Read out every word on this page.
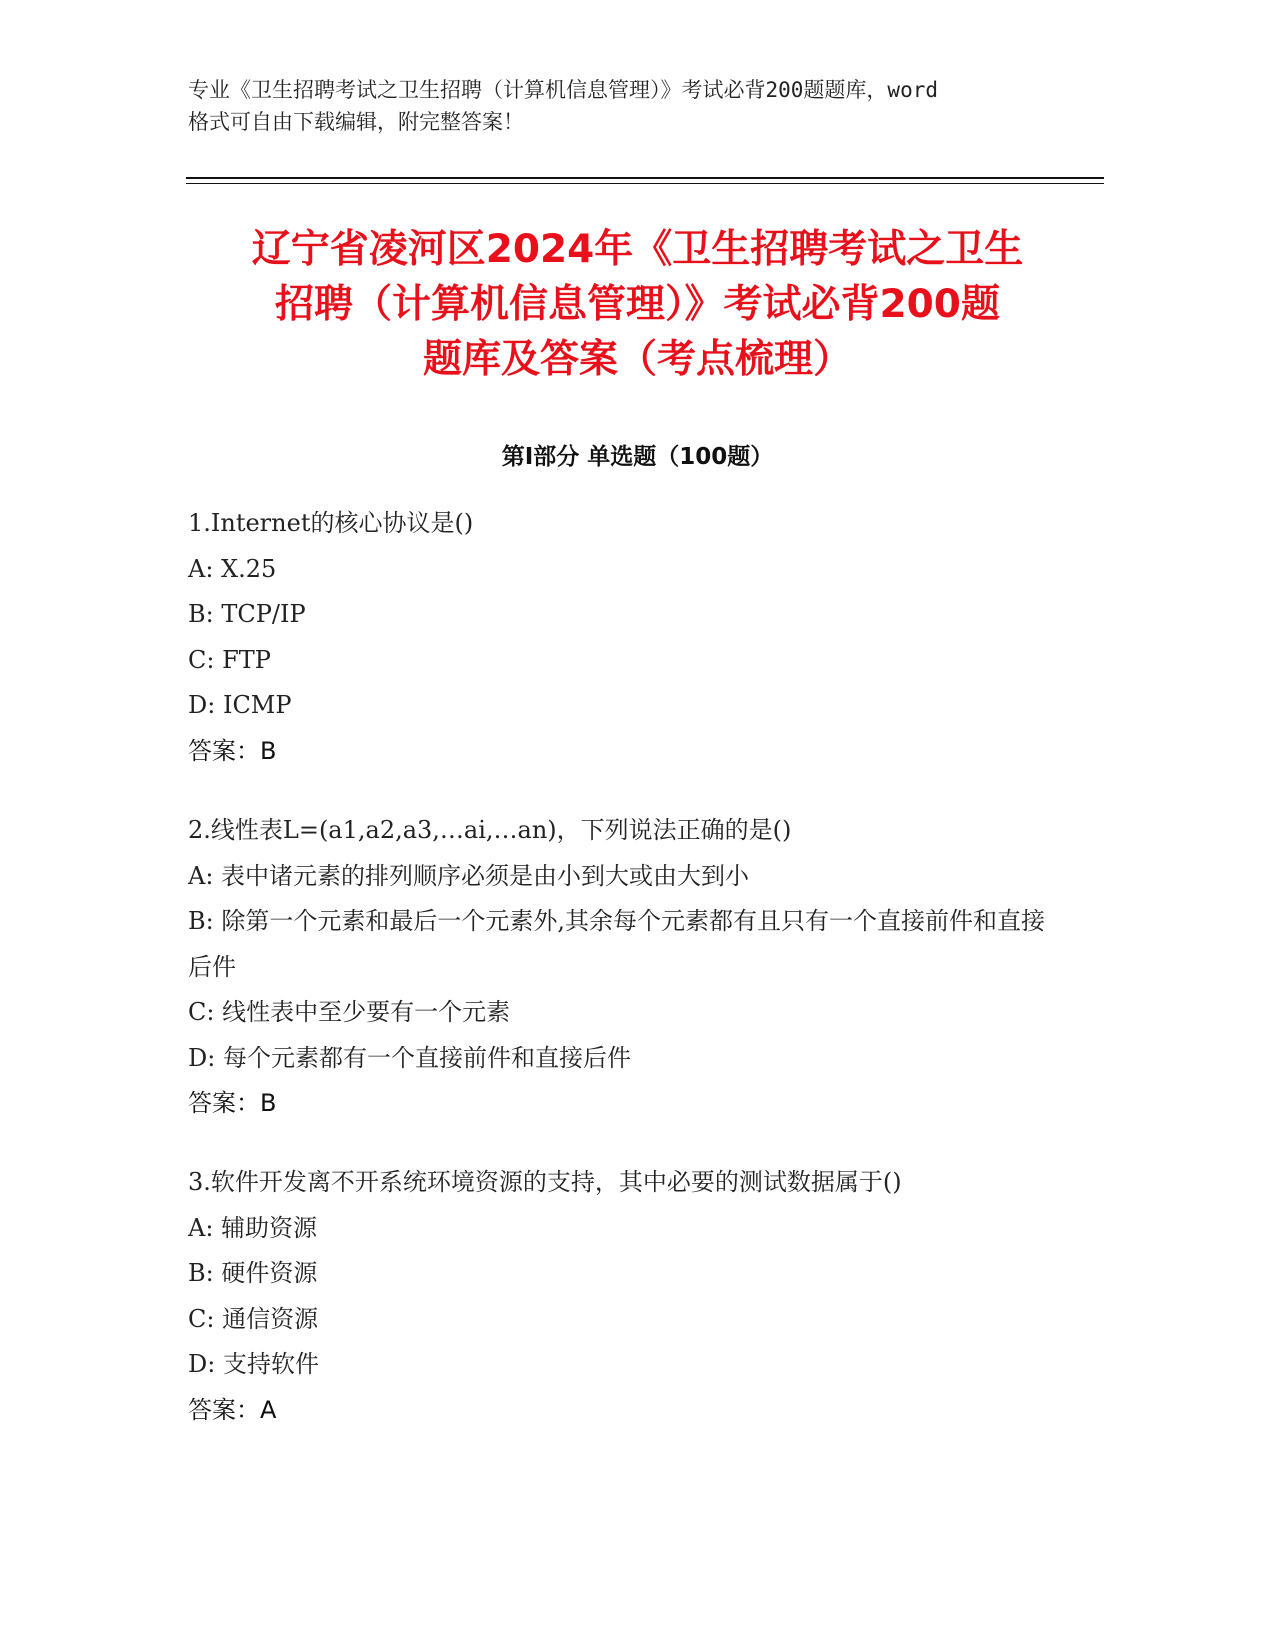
专业《卫生招聘考试之卫生招聘（计算机信息管理）》考试必背200题题库，word
格式可自由下载编辑，附完整答案！
辽宁省凌河区2024年《卫生招聘考试之卫生
招聘（计算机信息管理）》考试必背200题
题库及答案（考点梳理）
第Ⅰ部分 单选题（100题）
1.Internet的核心协议是()
A: X.25
B: TCP/IP
C: FTP
D: ICMP
答案：B
2.线性表L=(a1,a2,a3,…ai,…an)，下列说法正确的是()
A: 表中诸元素的排列顺序必须是由小到大或由大到小
B: 除第一个元素和最后一个元素外,其余每个元素都有且只有一个直接前件和直接后件
C: 线性表中至少要有一个元素
D: 每个元素都有一个直接前件和直接后件
答案：B
3.软件开发离不开系统环境资源的支持，其中必要的测试数据属于()
A: 辅助资源
B: 硬件资源
C: 通信资源
D: 支持软件
答案：A
